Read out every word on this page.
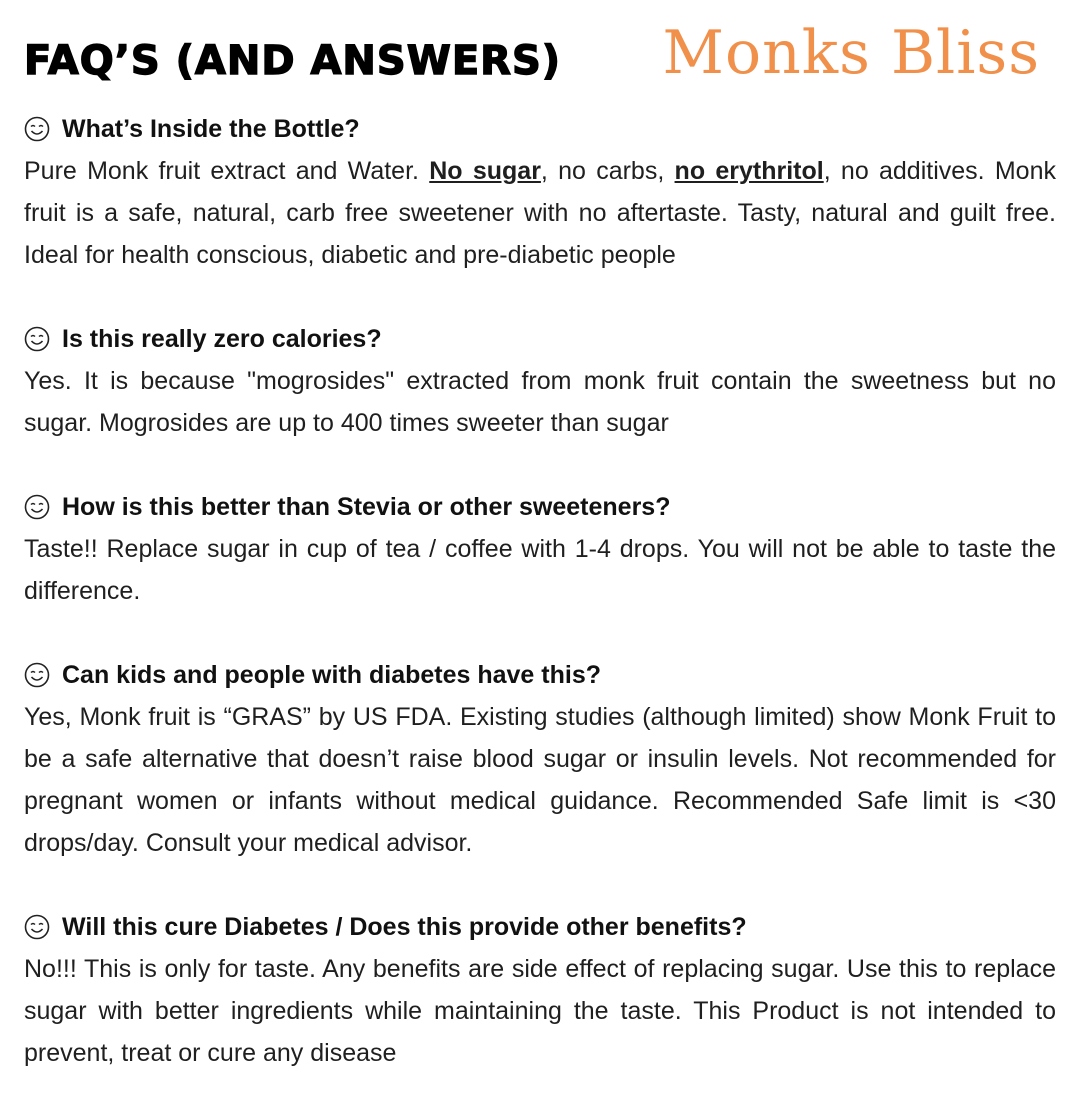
FAQ’S (AND ANSWERS) Monks Bliss
What’s Inside the Bottle?
Pure Monk fruit extract and Water. No sugar, no carbs, no erythritol, no additives. Monk fruit is a safe, natural, carb free sweetener with no aftertaste. Tasty, natural and guilt free. Ideal for health conscious, diabetic and pre-diabetic people
Is this really zero calories?
Yes. It is because "mogrosides" extracted from monk fruit contain the sweetness but no sugar. Mogrosides are up to 400 times sweeter than sugar
How is this better than Stevia or other sweeteners?
Taste!! Replace sugar in cup of tea / coffee with 1-4 drops. You will not be able to taste the difference.
Can kids and people with diabetes have this?
Yes, Monk fruit is “GRAS” by US FDA. Existing studies (although limited) show Monk Fruit to be a safe alternative that doesn’t raise blood sugar or insulin levels. Not recommended for pregnant women or infants without medical guidance. Recommended Safe limit is <30 drops/day. Consult your medical advisor.
Will this cure Diabetes / Does this provide other benefits?
No!!! This is only for taste. Any benefits are side effect of replacing sugar. Use this to replace sugar with better ingredients while maintaining the taste. This Product is not intended to prevent, treat or cure any disease
